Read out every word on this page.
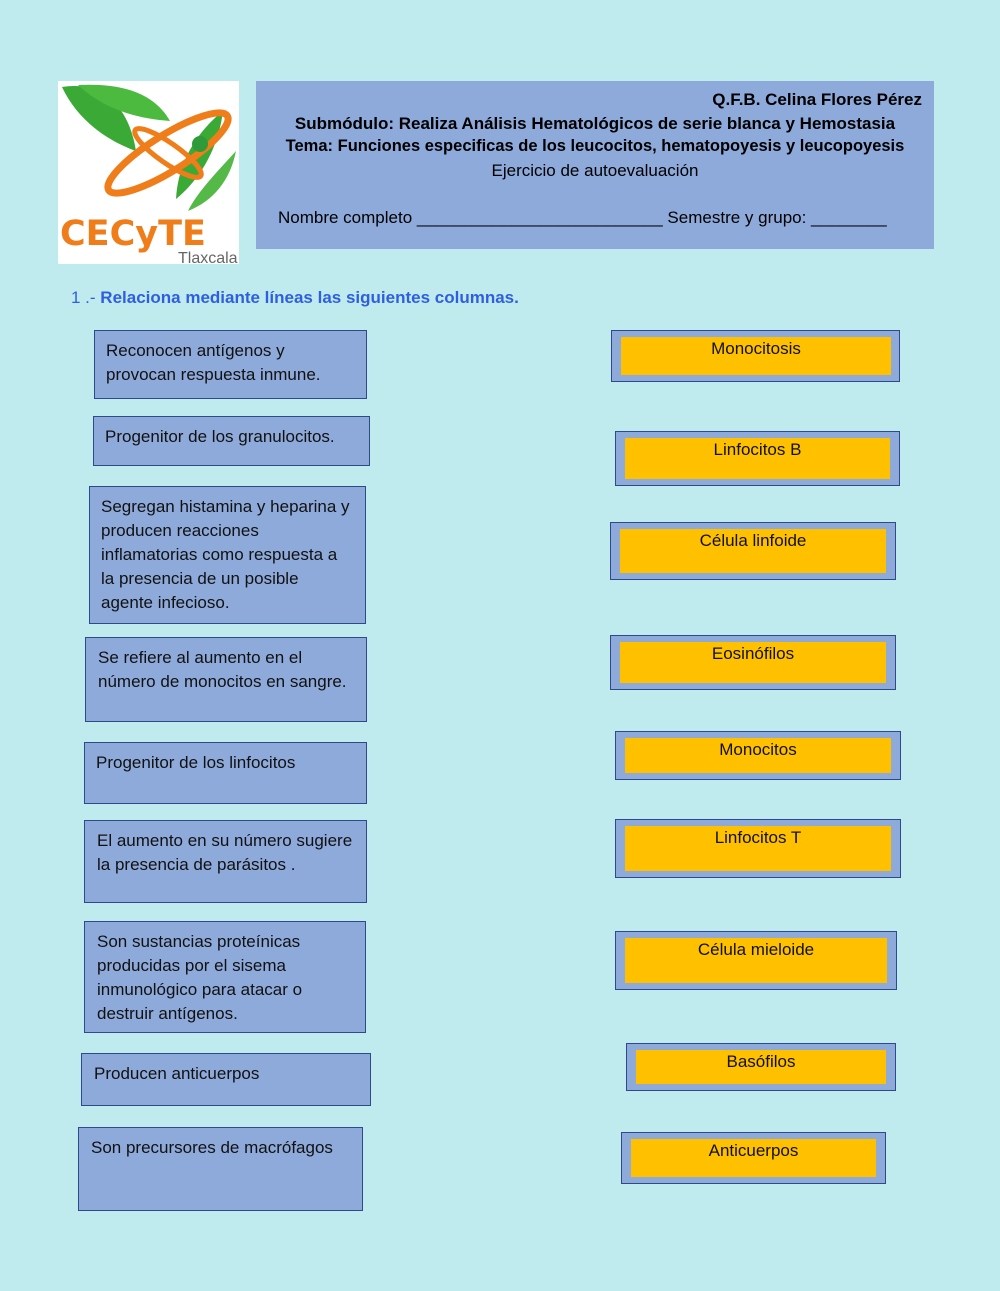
CECyTE
Tlaxcala
Q.F.B. Celina Flores Pérez
Submódulo: Realiza Análisis Hematológicos de serie blanca y Hemostasia
Tema: Funciones especificas de los leucocitos, hematopoyesis y leucopoyesis
Ejercicio de autoevaluación
Nombre completo __________________________ Semestre y grupo: ________
1 .- Relaciona mediante líneas las siguientes columnas.
Reconocen antígenos y provocan respuesta inmune.
Progenitor de los granulocitos.
Segregan histamina y heparina y producen reacciones inflamatorias como respuesta a la presencia de un posible agente infecioso.
Se refiere al aumento en el número de monocitos en sangre.
Progenitor de los linfocitos
El aumento en su número sugiere la presencia de parásitos .
Son sustancias proteínicas producidas por el sisema inmunológico para atacar o destruir antígenos.
Producen anticuerpos
Son precursores de macrófagos
Monocitosis
Linfocitos B
Célula linfoide
Eosinófilos
Monocitos
Linfocitos T
Célula mieloide
Basófilos
Anticuerpos
